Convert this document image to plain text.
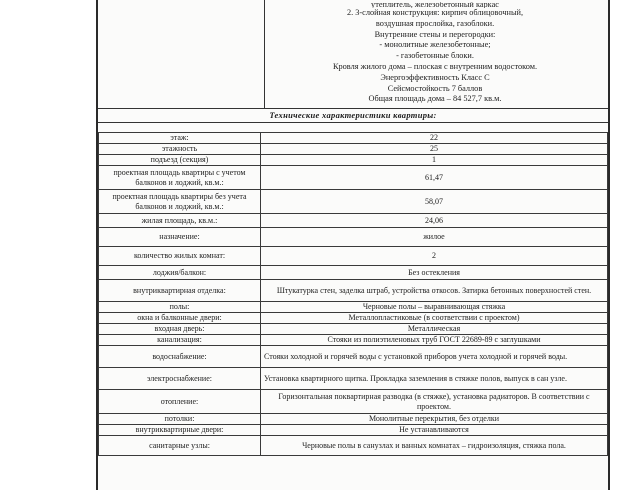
утеплитель, железобетонный каркас
2. 3-слойная конструкция: кирпич облицовочный,
воздушная прослойка, газоблоки.
Внутренние стены и перегородки:
- монолитные железобетонные;
- газобетонные блоки.
Кровля жилого дома – плоская с внутренним водостоком.
Энергоэффективность Класс С
Сейсмостойкость 7 баллов
Общая площадь дома – 84 527,7 кв.м.
Технические характеристики квартиры:
этаж:	22
этажность	25
подъезд (секция)	1
проектная площадь квартиры с учетом балконов и лоджий, кв.м.:	61,47
проектная площадь квартиры без учета балконов и лоджий, кв.м.:	58,07
жилая площадь, кв.м.:	24,06
назначение:	жилое
количество жилых комнат:	2
лоджия/балкон:	Без остекления
внутриквартирная отделка:	Штукатурка стен, заделка штраб, устройства откосов. Затирка бетонных поверхностей стен.
полы:	Черновые полы – выравнивающая стяжка
окна и балконные двери:	Металлопластиковые (в соответствии с проектом)
входная дверь:	Металлическая
канализация:	Стояки из полиэтиленовых труб ГОСТ 22689-89 с заглушками
водоснабжение:	Стояки холодной и горячей воды с установкой приборов учета холодной и горячей воды.
электроснабжение:	Установка квартирного щитка. Прокладка заземления в стяжке полов, выпуск в сан узле.
отопление:	Горизонтальная поквартирная разводка (в стяжке), установка радиаторов. В соответствии с проектом.
потолки:	Монолитные перекрытия, без отделки
внутриквартирные двери:	Не устанавливаются
санитарные узлы:	Черновые полы в санузлах и ванных комнатах – гидроизоляция, стяжка пола.
